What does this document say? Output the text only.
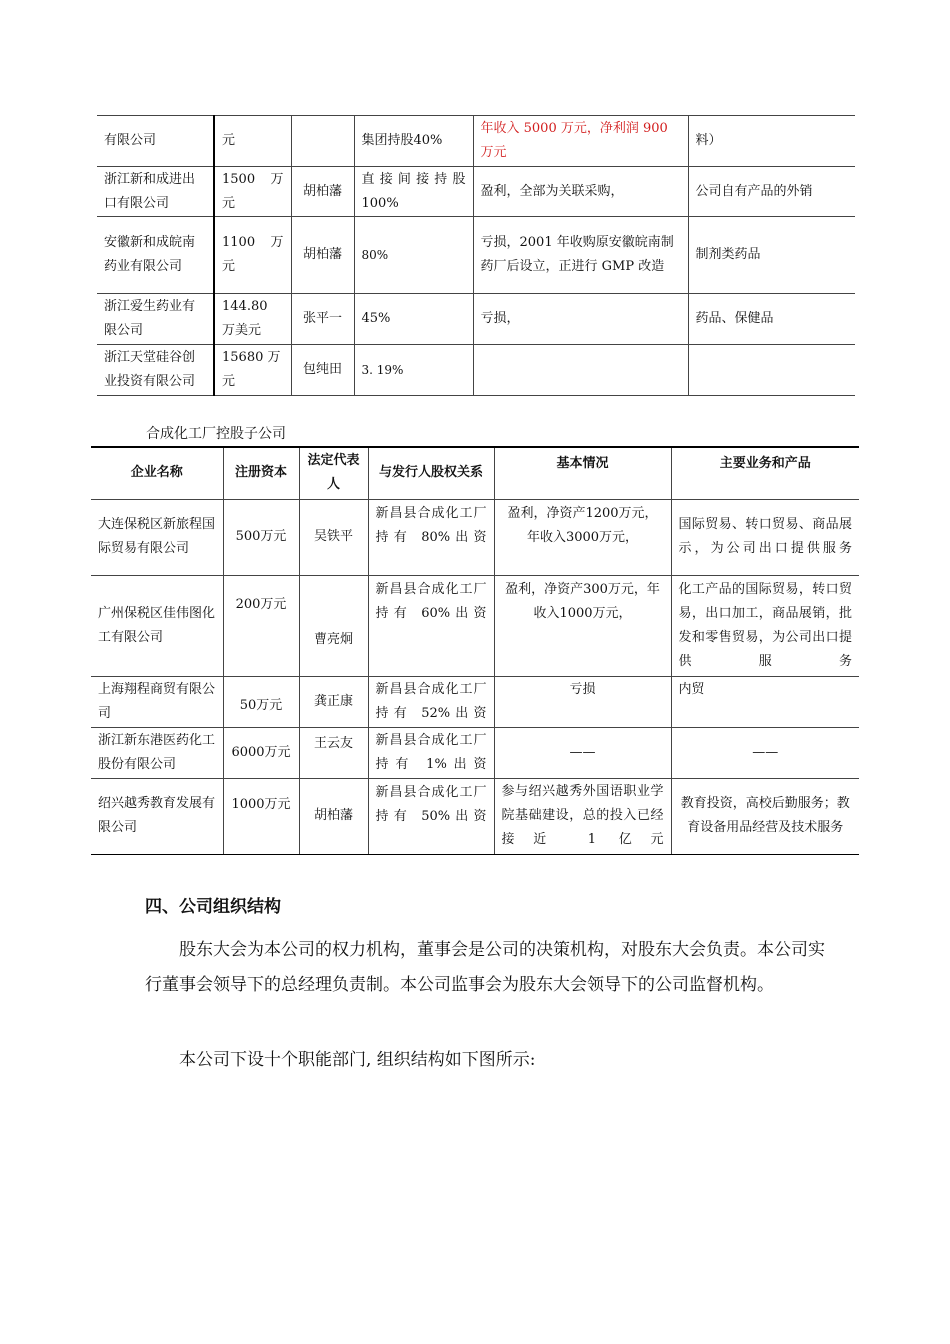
有限公司	元		集团持股40%	年收入 5000 万元，净利润 900 万元	料）
浙江新和成进出口有限公司	1500 万元	胡柏藩	直接间接持股100%	盈利，全部为关联采购，	公司自有产品的外销
安徽新和成皖南药业有限公司	1100 万元	胡柏藩	80%	亏损，2001 年收购原安徽皖南制药厂后设立，正进行 GMP 改造	制剂类药品
浙江爱生药业有限公司	144.80 万美元	张平一	45%	亏损，	药品、保健品
浙江天堂硅谷创业投资有限公司	15680 万元	包纯田	3. 19%		
合成化工厂控股子公司
企业名称	注册资本	法定代表人	与发行人股权关系	基本情况	主要业务和产品
大连保税区新旅程国际贸易有限公司	500万元	吴铁平	新昌县合成化工厂持有 80%出资	盈利，净资产1200万元，年收入3000万元，	国际贸易、转口贸易、商品展示，为公司出口提供服务
广州保税区佳伟图化工有限公司	200万元	曹亮炯	新昌县合成化工厂持有 60%出资	盈利，净资产300万元，年收入1000万元，	化工产品的国际贸易，转口贸易，出口加工，商品展销，批发和零售贸易，为公司出口提供服务
上海翔程商贸有限公司	50万元	龚正康	新昌县合成化工厂持有 52%出资	亏损	内贸
浙江新东港医药化工股份有限公司	6000万元	王云友	新昌县合成化工厂持有 1%出资	——	——
绍兴越秀教育发展有限公司	1000万元	胡柏藩	新昌县合成化工厂持有 50%出资	参与绍兴越秀外国语职业学院基础建设，总的投入已经接近 1 亿元	教育投资，高校后勤服务；教育设备用品经营及技术服务
四、公司组织结构

股东大会为本公司的权力机构，董事会是公司的决策机构，对股东大会负责。本公司实行董事会领导下的总经理负责制。本公司监事会为股东大会领导下的公司监督机构。

本公司下设十个职能部门, 组织结构如下图所示:
